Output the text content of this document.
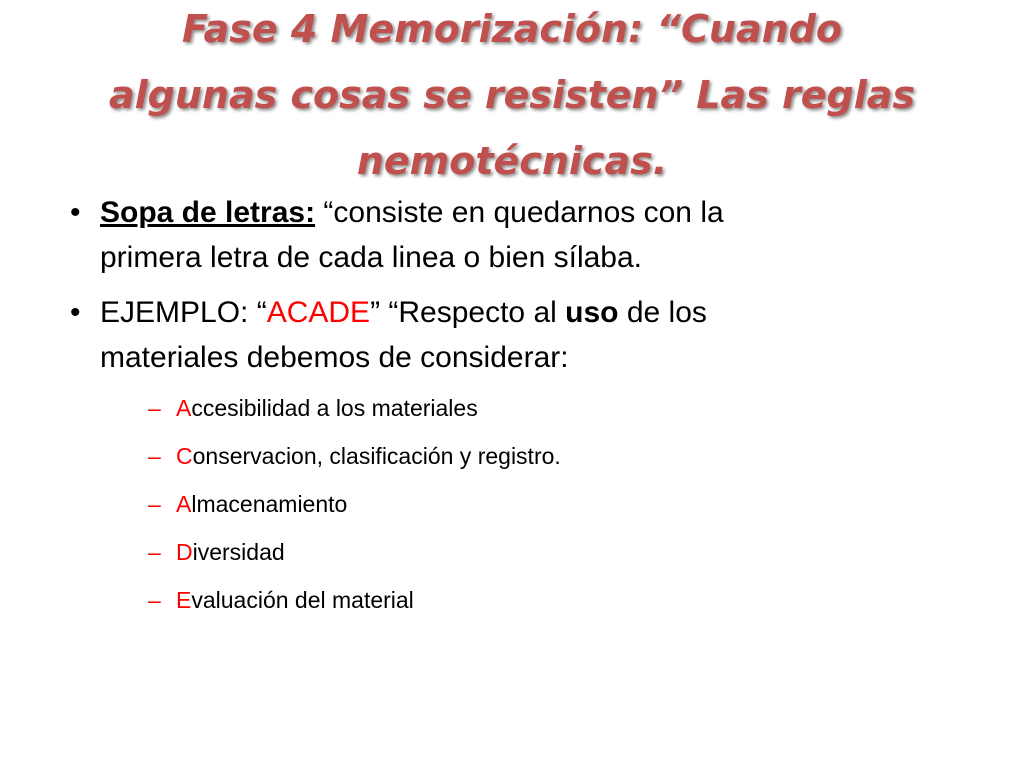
Fase 4 Memorización: “Cuando
algunas cosas se resisten” Las reglas
nemotécnicas.
• Sopa de letras: “consiste en quedarnos con la
primera letra de cada linea o bien sílaba.
• EJEMPLO: “ACADE” “Respecto al uso de los
materiales debemos de considerar:
– Accesibilidad a los materiales
– Conservacion, clasificación y registro.
– Almacenamiento
– Diversidad
– Evaluación del material
